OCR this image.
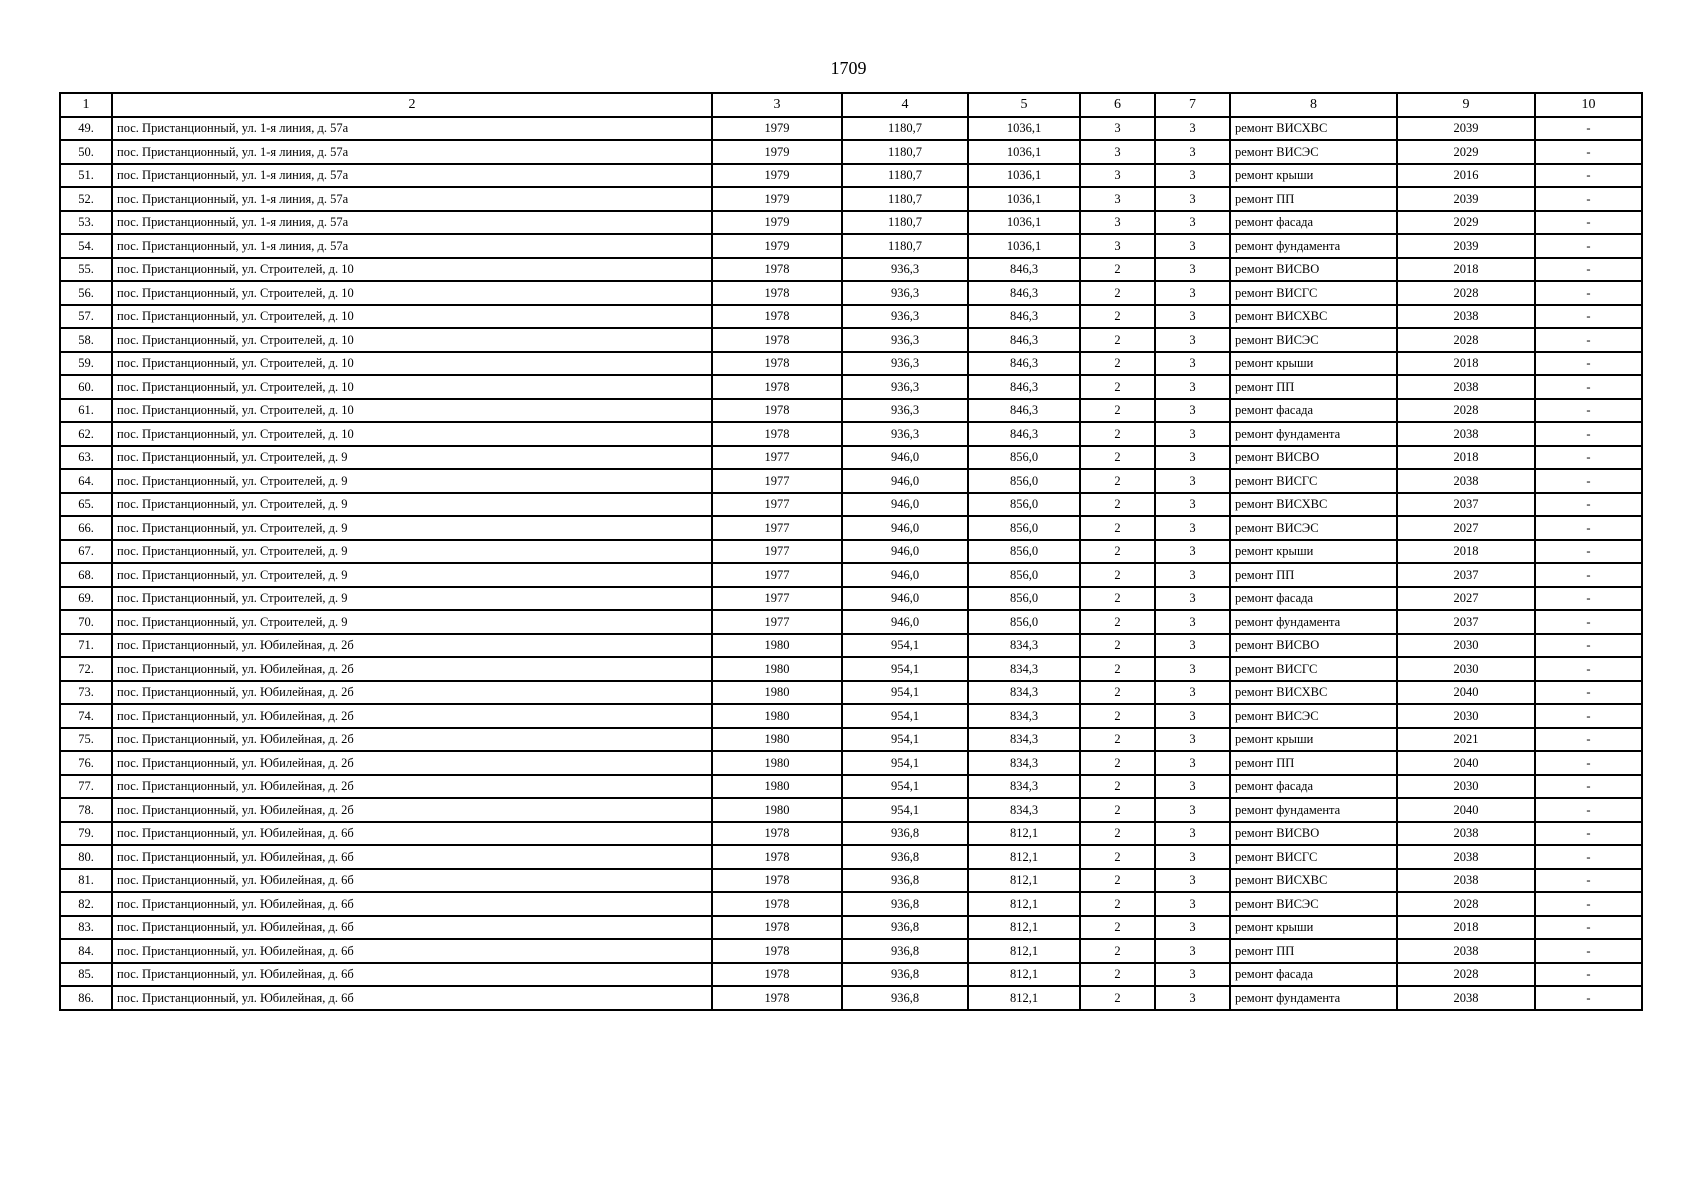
1709
1	2	3	4	5	6	7	8	9	10
49.	пос. Пристанционный, ул. 1-я линия, д. 57а	1979	1180,7	1036,1	3	3	ремонт ВИСХВС	2039	-
50.	пос. Пристанционный, ул. 1-я линия, д. 57а	1979	1180,7	1036,1	3	3	ремонт ВИСЭС	2029	-
51.	пос. Пристанционный, ул. 1-я линия, д. 57а	1979	1180,7	1036,1	3	3	ремонт крыши	2016	-
52.	пос. Пристанционный, ул. 1-я линия, д. 57а	1979	1180,7	1036,1	3	3	ремонт ПП	2039	-
53.	пос. Пристанционный, ул. 1-я линия, д. 57а	1979	1180,7	1036,1	3	3	ремонт фасада	2029	-
54.	пос. Пристанционный, ул. 1-я линия, д. 57а	1979	1180,7	1036,1	3	3	ремонт фундамента	2039	-
55.	пос. Пристанционный, ул. Строителей, д. 10	1978	936,3	846,3	2	3	ремонт ВИСВО	2018	-
56.	пос. Пристанционный, ул. Строителей, д. 10	1978	936,3	846,3	2	3	ремонт ВИСГС	2028	-
57.	пос. Пристанционный, ул. Строителей, д. 10	1978	936,3	846,3	2	3	ремонт ВИСХВС	2038	-
58.	пос. Пристанционный, ул. Строителей, д. 10	1978	936,3	846,3	2	3	ремонт ВИСЭС	2028	-
59.	пос. Пристанционный, ул. Строителей, д. 10	1978	936,3	846,3	2	3	ремонт крыши	2018	-
60.	пос. Пристанционный, ул. Строителей, д. 10	1978	936,3	846,3	2	3	ремонт ПП	2038	-
61.	пос. Пристанционный, ул. Строителей, д. 10	1978	936,3	846,3	2	3	ремонт фасада	2028	-
62.	пос. Пристанционный, ул. Строителей, д. 10	1978	936,3	846,3	2	3	ремонт фундамента	2038	-
63.	пос. Пристанционный, ул. Строителей, д. 9	1977	946,0	856,0	2	3	ремонт ВИСВО	2018	-
64.	пос. Пристанционный, ул. Строителей, д. 9	1977	946,0	856,0	2	3	ремонт ВИСГС	2038	-
65.	пос. Пристанционный, ул. Строителей, д. 9	1977	946,0	856,0	2	3	ремонт ВИСХВС	2037	-
66.	пос. Пристанционный, ул. Строителей, д. 9	1977	946,0	856,0	2	3	ремонт ВИСЭС	2027	-
67.	пос. Пристанционный, ул. Строителей, д. 9	1977	946,0	856,0	2	3	ремонт крыши	2018	-
68.	пос. Пристанционный, ул. Строителей, д. 9	1977	946,0	856,0	2	3	ремонт ПП	2037	-
69.	пос. Пристанционный, ул. Строителей, д. 9	1977	946,0	856,0	2	3	ремонт фасада	2027	-
70.	пос. Пристанционный, ул. Строителей, д. 9	1977	946,0	856,0	2	3	ремонт фундамента	2037	-
71.	пос. Пристанционный, ул. Юбилейная, д. 2б	1980	954,1	834,3	2	3	ремонт ВИСВО	2030	-
72.	пос. Пристанционный, ул. Юбилейная, д. 2б	1980	954,1	834,3	2	3	ремонт ВИСГС	2030	-
73.	пос. Пристанционный, ул. Юбилейная, д. 2б	1980	954,1	834,3	2	3	ремонт ВИСХВС	2040	-
74.	пос. Пристанционный, ул. Юбилейная, д. 2б	1980	954,1	834,3	2	3	ремонт ВИСЭС	2030	-
75.	пос. Пристанционный, ул. Юбилейная, д. 2б	1980	954,1	834,3	2	3	ремонт крыши	2021	-
76.	пос. Пристанционный, ул. Юбилейная, д. 2б	1980	954,1	834,3	2	3	ремонт ПП	2040	-
77.	пос. Пристанционный, ул. Юбилейная, д. 2б	1980	954,1	834,3	2	3	ремонт фасада	2030	-
78.	пос. Пристанционный, ул. Юбилейная, д. 2б	1980	954,1	834,3	2	3	ремонт фундамента	2040	-
79.	пос. Пристанционный, ул. Юбилейная, д. 6б	1978	936,8	812,1	2	3	ремонт ВИСВО	2038	-
80.	пос. Пристанционный, ул. Юбилейная, д. 6б	1978	936,8	812,1	2	3	ремонт ВИСГС	2038	-
81.	пос. Пристанционный, ул. Юбилейная, д. 6б	1978	936,8	812,1	2	3	ремонт ВИСХВС	2038	-
82.	пос. Пристанционный, ул. Юбилейная, д. 6б	1978	936,8	812,1	2	3	ремонт ВИСЭС	2028	-
83.	пос. Пристанционный, ул. Юбилейная, д. 6б	1978	936,8	812,1	2	3	ремонт крыши	2018	-
84.	пос. Пристанционный, ул. Юбилейная, д. 6б	1978	936,8	812,1	2	3	ремонт ПП	2038	-
85.	пос. Пристанционный, ул. Юбилейная, д. 6б	1978	936,8	812,1	2	3	ремонт фасада	2028	-
86.	пос. Пристанционный, ул. Юбилейная, д. 6б	1978	936,8	812,1	2	3	ремонт фундамента	2038	-
